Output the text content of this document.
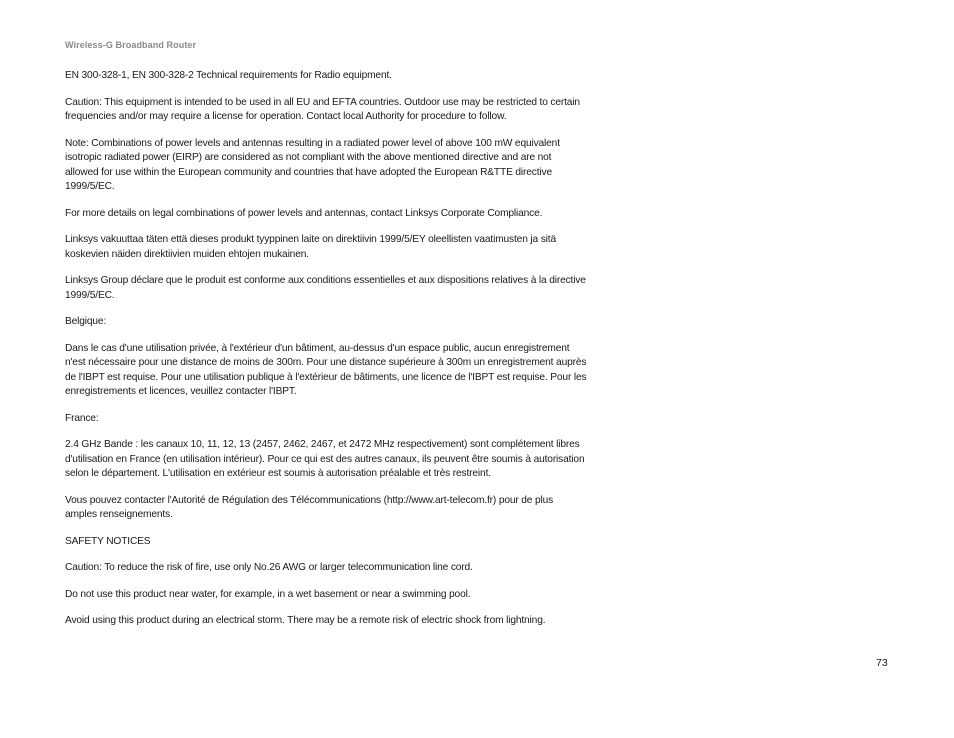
Wireless-G Broadband Router

EN 300-328-1, EN 300-328-2 Technical requirements for Radio equipment.

Caution: This equipment is intended to be used in all EU and EFTA countries. Outdoor use may be restricted to certain frequencies and/or may require a license for operation. Contact local Authority for procedure to follow.

Note: Combinations of power levels and antennas resulting in a radiated power level of above 100 mW equivalent isotropic radiated power (EIRP) are considered as not compliant with the above mentioned directive and are not allowed for use within the European community and countries that have adopted the European R&TTE directive 1999/5/EC.

For more details on legal combinations of power levels and antennas, contact Linksys Corporate Compliance.

Linksys vakuuttaa täten että dieses produkt tyyppinen laite on direktiivin 1999/5/EY oleellisten vaatimusten ja sitä koskevien näiden direktiivien muiden ehtojen mukainen.

Linksys Group déclare que le produit est conforme aux conditions essentielles et aux dispositions relatives à la directive 1999/5/EC.

Belgique:

Dans le cas d'une utilisation privée, à l'extérieur d'un bâtiment, au-dessus d'un espace public, aucun enregistrement n'est nécessaire pour une distance de moins de 300m. Pour une distance supérieure à 300m un enregistrement auprès de l'IBPT est requise. Pour une utilisation publique à l'extérieur de bâtiments, une licence de l'IBPT est requise. Pour les enregistrements et licences, veuillez contacter l'IBPT.

France:

2.4 GHz Bande : les canaux 10, 11, 12, 13 (2457, 2462, 2467, et 2472 MHz respectivement) sont complétement libres d'utilisation en France (en utilisation intérieur). Pour ce qui est des autres canaux, ils peuvent être soumis à autorisation selon le département. L'utilisation en extérieur est soumis à autorisation préalable et très restreint.

Vous pouvez contacter l'Autorité de Régulation des Télécommunications (http://www.art-telecom.fr) pour de plus amples renseignements.

SAFETY NOTICES

Caution: To reduce the risk of fire, use only No.26 AWG or larger telecommunication line cord.

Do not use this product near water, for example, in a wet basement or near a swimming pool.

Avoid using this product during an electrical storm. There may be a remote risk of electric shock from lightning.

73
